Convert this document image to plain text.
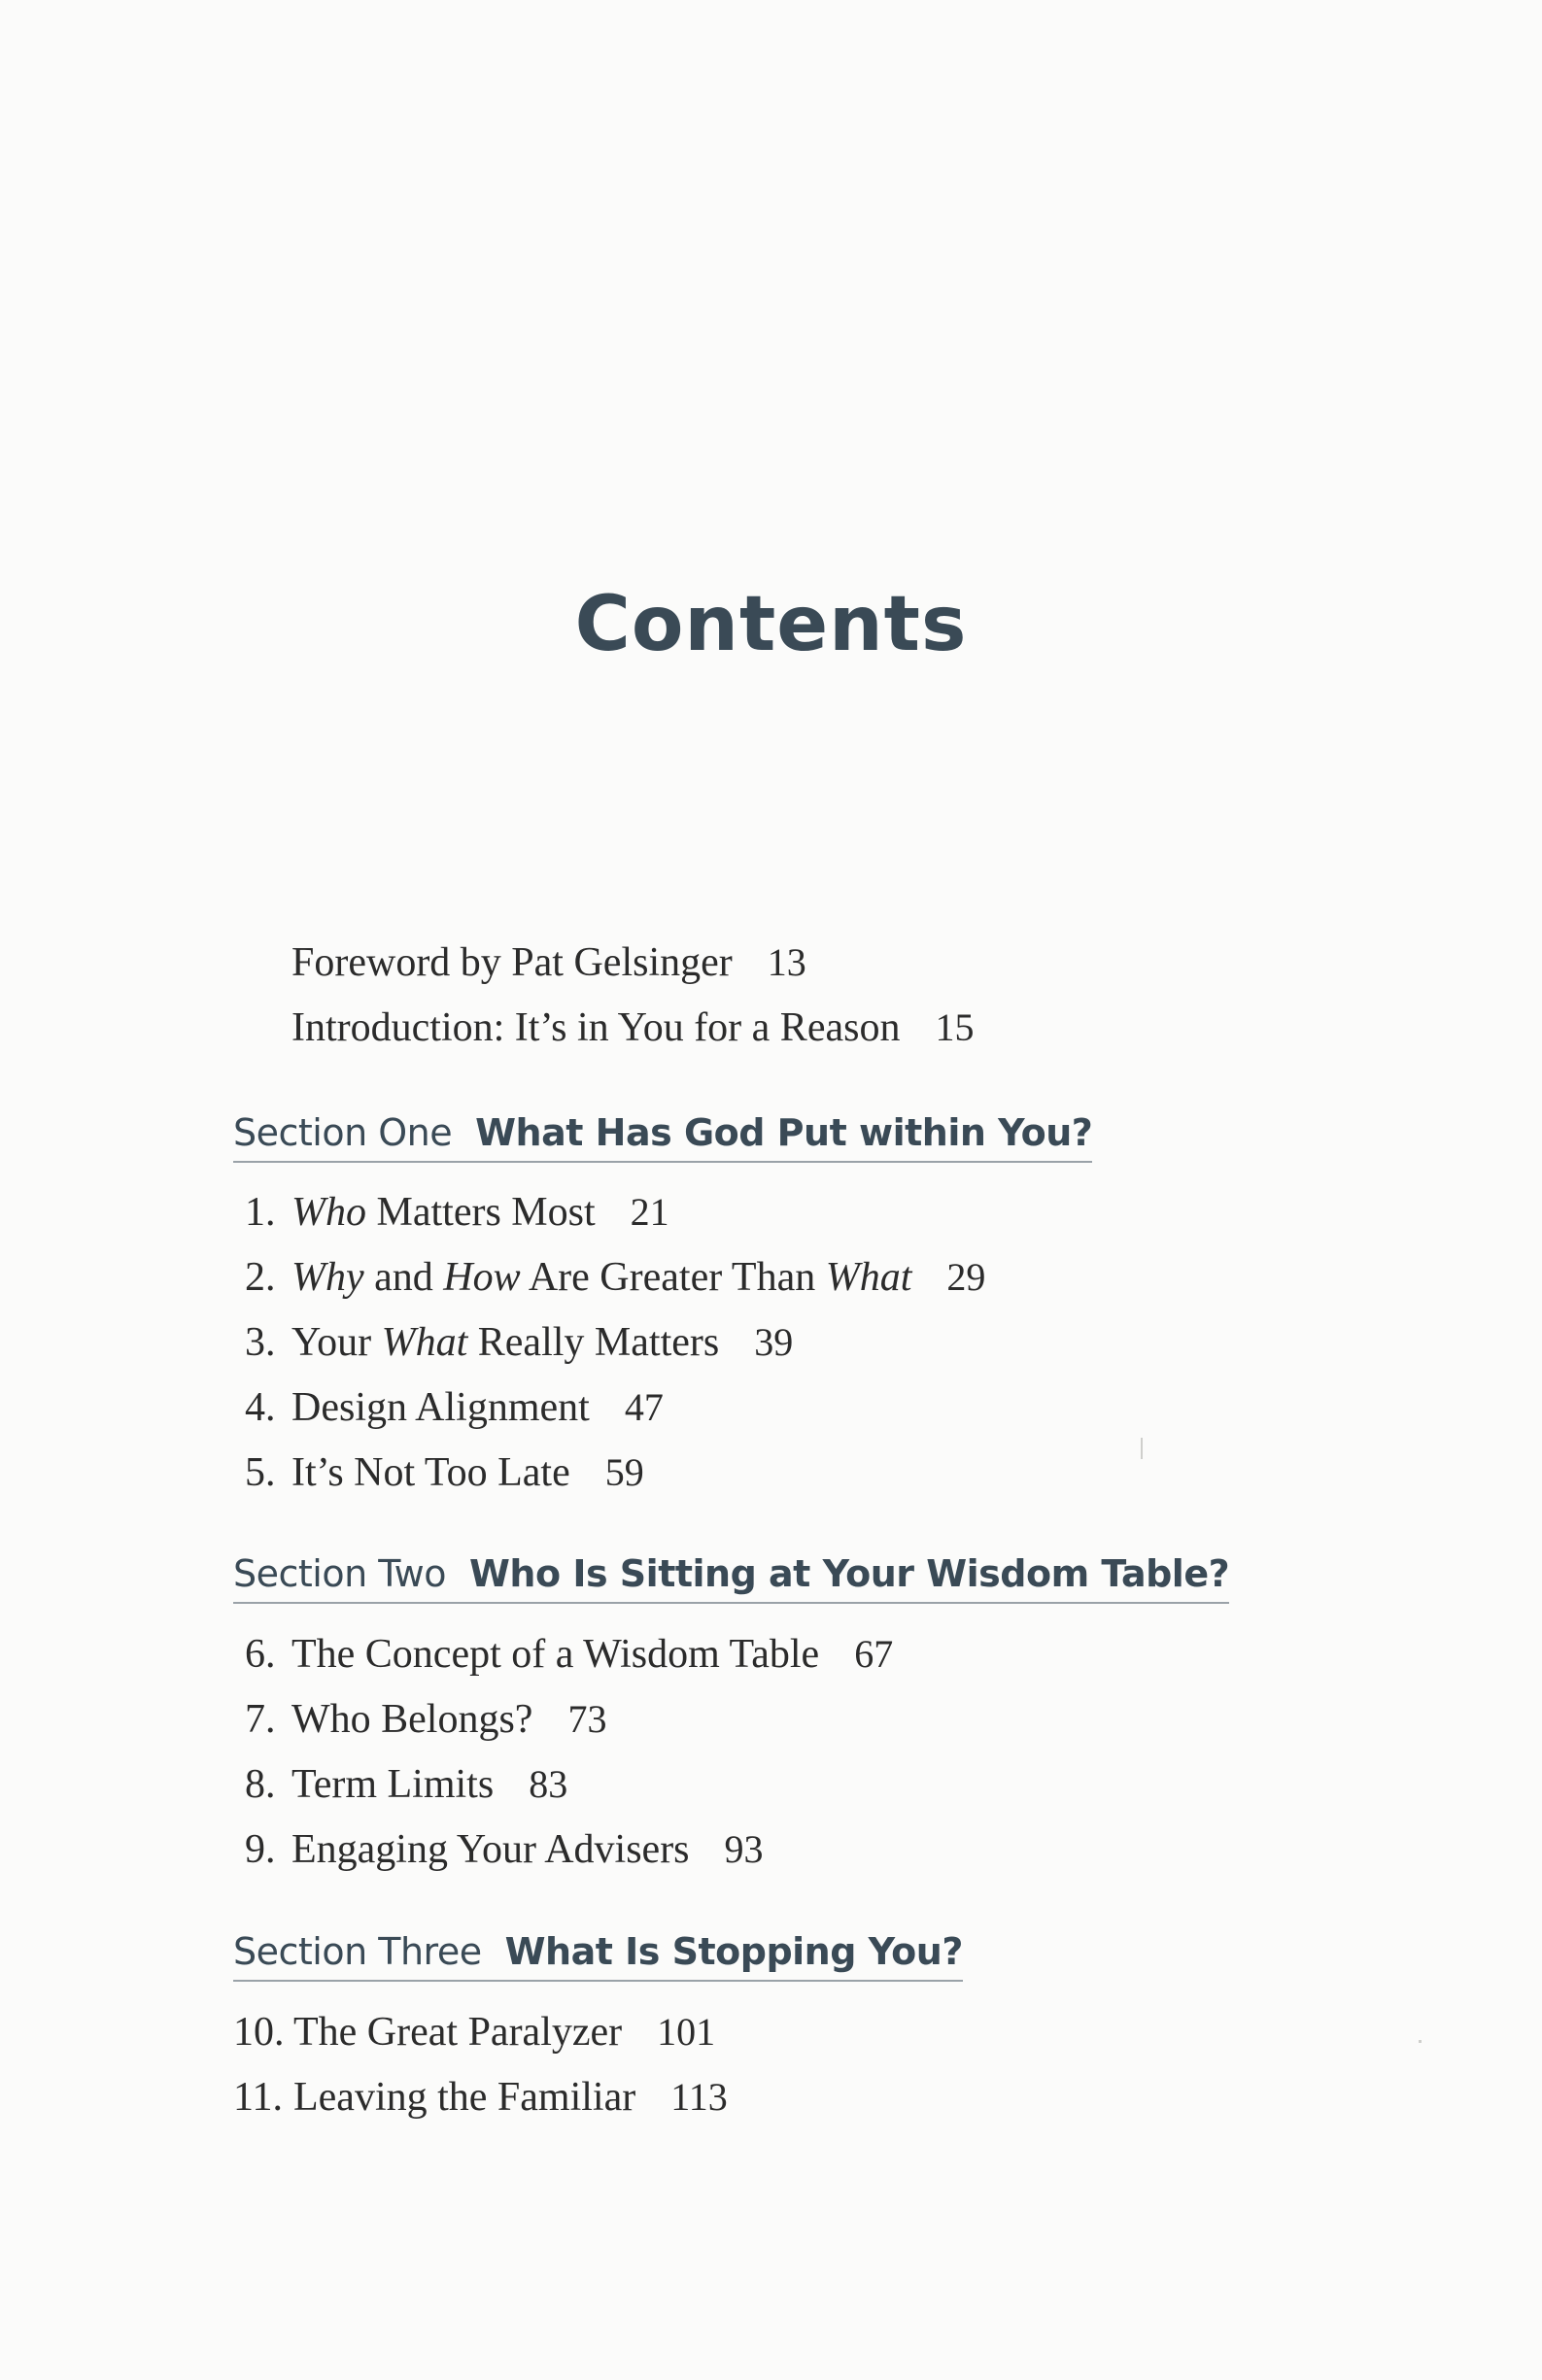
Contents
Foreword by Pat Gelsinger 13
Introduction: It’s in You for a Reason 15
Section One What Has God Put within You?
1. Who Matters Most 21
2. Why and How Are Greater Than What 29
3. Your What Really Matters 39
4. Design Alignment 47
5. It’s Not Too Late 59
Section Two Who Is Sitting at Your Wisdom Table?
6. The Concept of a Wisdom Table 67
7. Who Belongs? 73
8. Term Limits 83
9. Engaging Your Advisers 93
Section Three What Is Stopping You?
10. The Great Paralyzer 101
11. Leaving the Familiar 113
